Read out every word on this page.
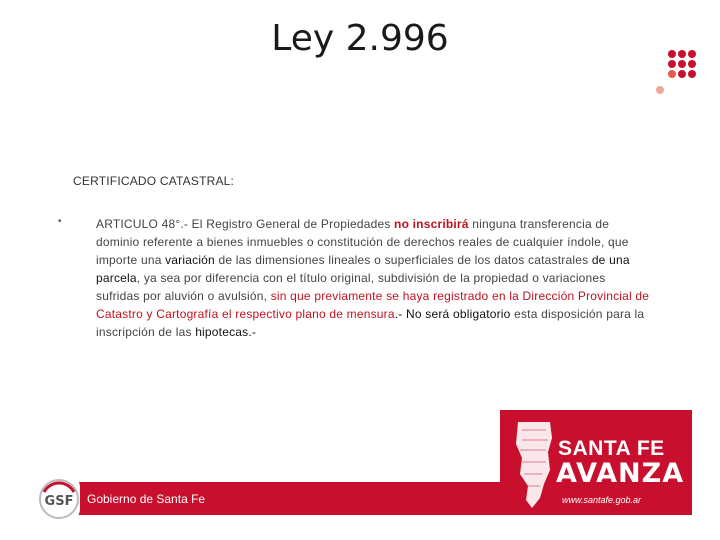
Ley 2.996
CERTIFICADO CATASTRAL:
•	ARTICULO 48°.- El Registro General de Propiedades no inscribirá ninguna transferencia de dominio referente a bienes inmuebles o constitución de derechos reales de cualquier índole, que importe una variación de las dimensiones lineales o superficiales de los datos catastrales de una parcela, ya sea por diferencia con el título original, subdivisión de la propiedad o variaciones sufridas por aluvión o avulsión, sin que previamente se haya registrado en la Dirección Provincial de Catastro y Cartografía el respectivo plano de mensura.- No será obligatorio esta disposición para la inscripción de las hipotecas.-

GSF Gobierno de Santa Fe
SANTA FE
AVANZA
www.santafe.gob.ar
